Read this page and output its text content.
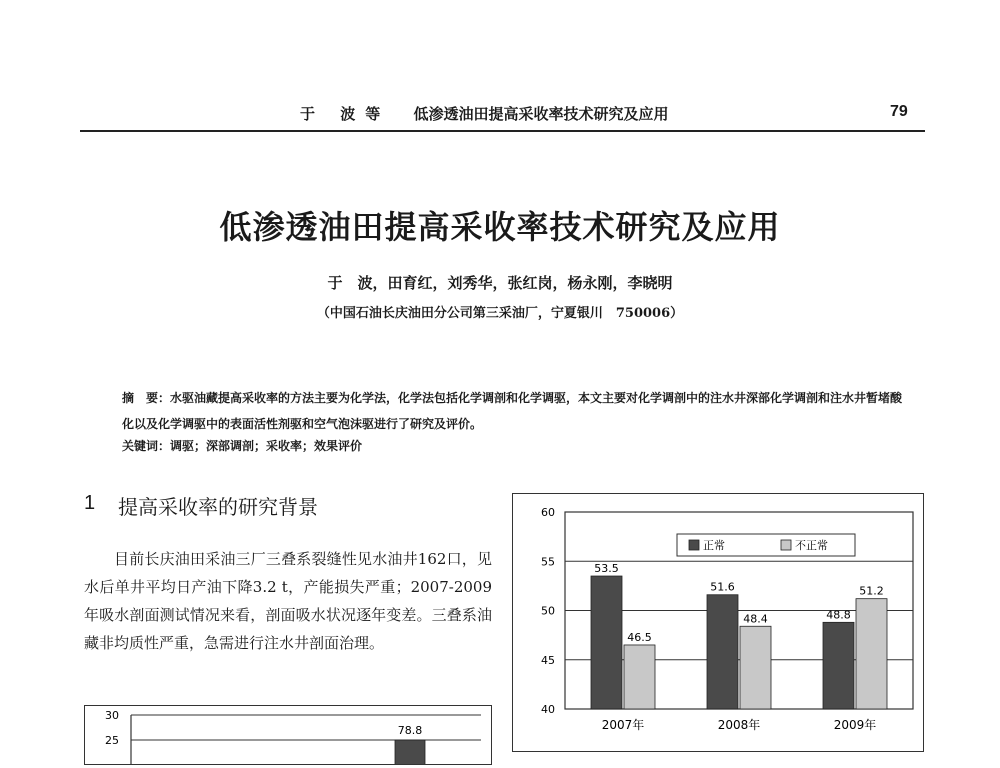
于 波等 低渗透油田提高采收率技术研究及应用	79
低渗透油田提高采收率技术研究及应用
于　波，田育红，刘秀华，张红岗，杨永刚，李晓明
（中国石油长庆油田分公司第三采油厂，宁夏银川　750006）
摘　要：水驱油藏提高采收率的方法主要为化学法，化学法包括化学调剖和化学调驱，本文主要对化学调剖中的注水井深部化学调剖和注水井暂堵酸化以及化学调驱中的表面活性剂驱和空气泡沫驱进行了研究及评价。
关键词：调驱；深部调剖；采收率；效果评价
1 提高采收率的研究背景
目前长庆油田采油三厂三叠系裂缝性见水油井162口，见水后单井平均日产油下降3.2 t，产能损失严重；2007-2009年吸水剖面测试情况来看，剖面吸水状况逐年变差。三叠系油藏非均质性严重，急需进行注水井剖面治理。
40
45
50
55
60
53.5
46.5
2007年
51.6
48.4
2008年
48.8
51.2
2009年
正常	不正常
25
30
78.8
